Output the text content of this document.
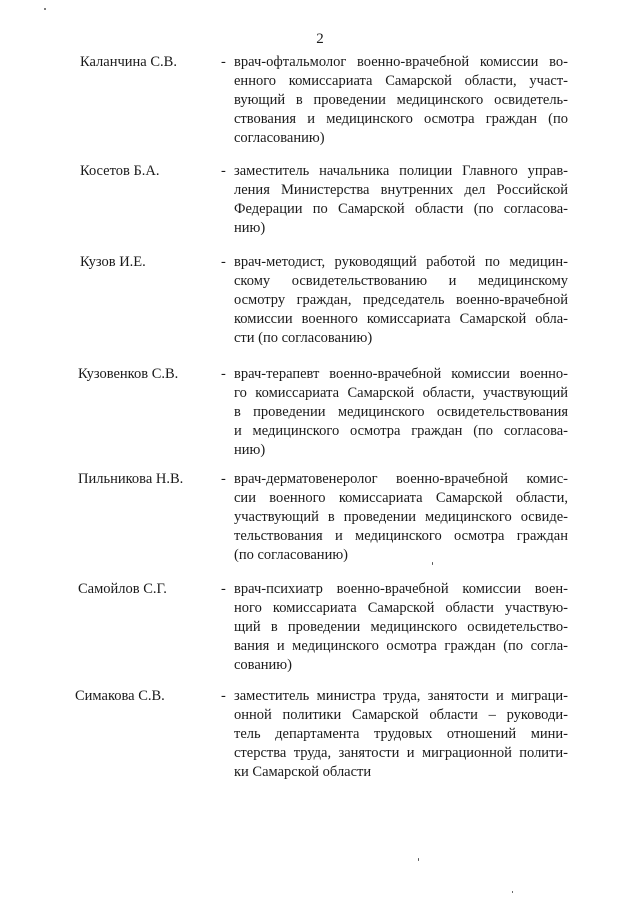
2
Каланчина С.В.	- врач-офтальмолог военно-врачебной комиссии во-
енного комиссариата Самарской области, участ-
вующий в проведении медицинского освидетель-
ствования и медицинского осмотра граждан (по
согласованию)
Косетов Б.А.	- заместитель начальника полиции Главного управ-
ления Министерства внутренних дел Российской
Федерации по Самарской области (по согласова-
нию)
Кузов И.Е.	- врач-методист, руководящий работой по медицин-
скому освидетельствованию и медицинскому
осмотру граждан, председатель военно-врачебной
комиссии военного комиссариата Самарской обла-
сти (по согласованию)
Кузовенков С.В.	- врач-терапевт военно-врачебной комиссии военно-
го комиссариата Самарской области, участвующий
в проведении медицинского освидетельствования
и медицинского осмотра граждан (по согласова-
нию)
Пильникова Н.В.	- врач-дерматовенеролог военно-врачебной комис-
сии военного комиссариата Самарской области,
участвующий в проведении медицинского освиде-
тельствования и медицинского осмотра граждан
(по согласованию)
Самойлов С.Г.	- врач-психиатр военно-врачебной комиссии воен-
ного комиссариата Самарской области участвую-
щий в проведении медицинского освидетельство-
вания и медицинского осмотра граждан (по согла-
сованию)
Симакова С.В.	- заместитель министра труда, занятости и миграци-
онной политики Самарской области – руководи-
тель департамента трудовых отношений мини-
стерства труда, занятости и миграционной полити-
ки Самарской области
